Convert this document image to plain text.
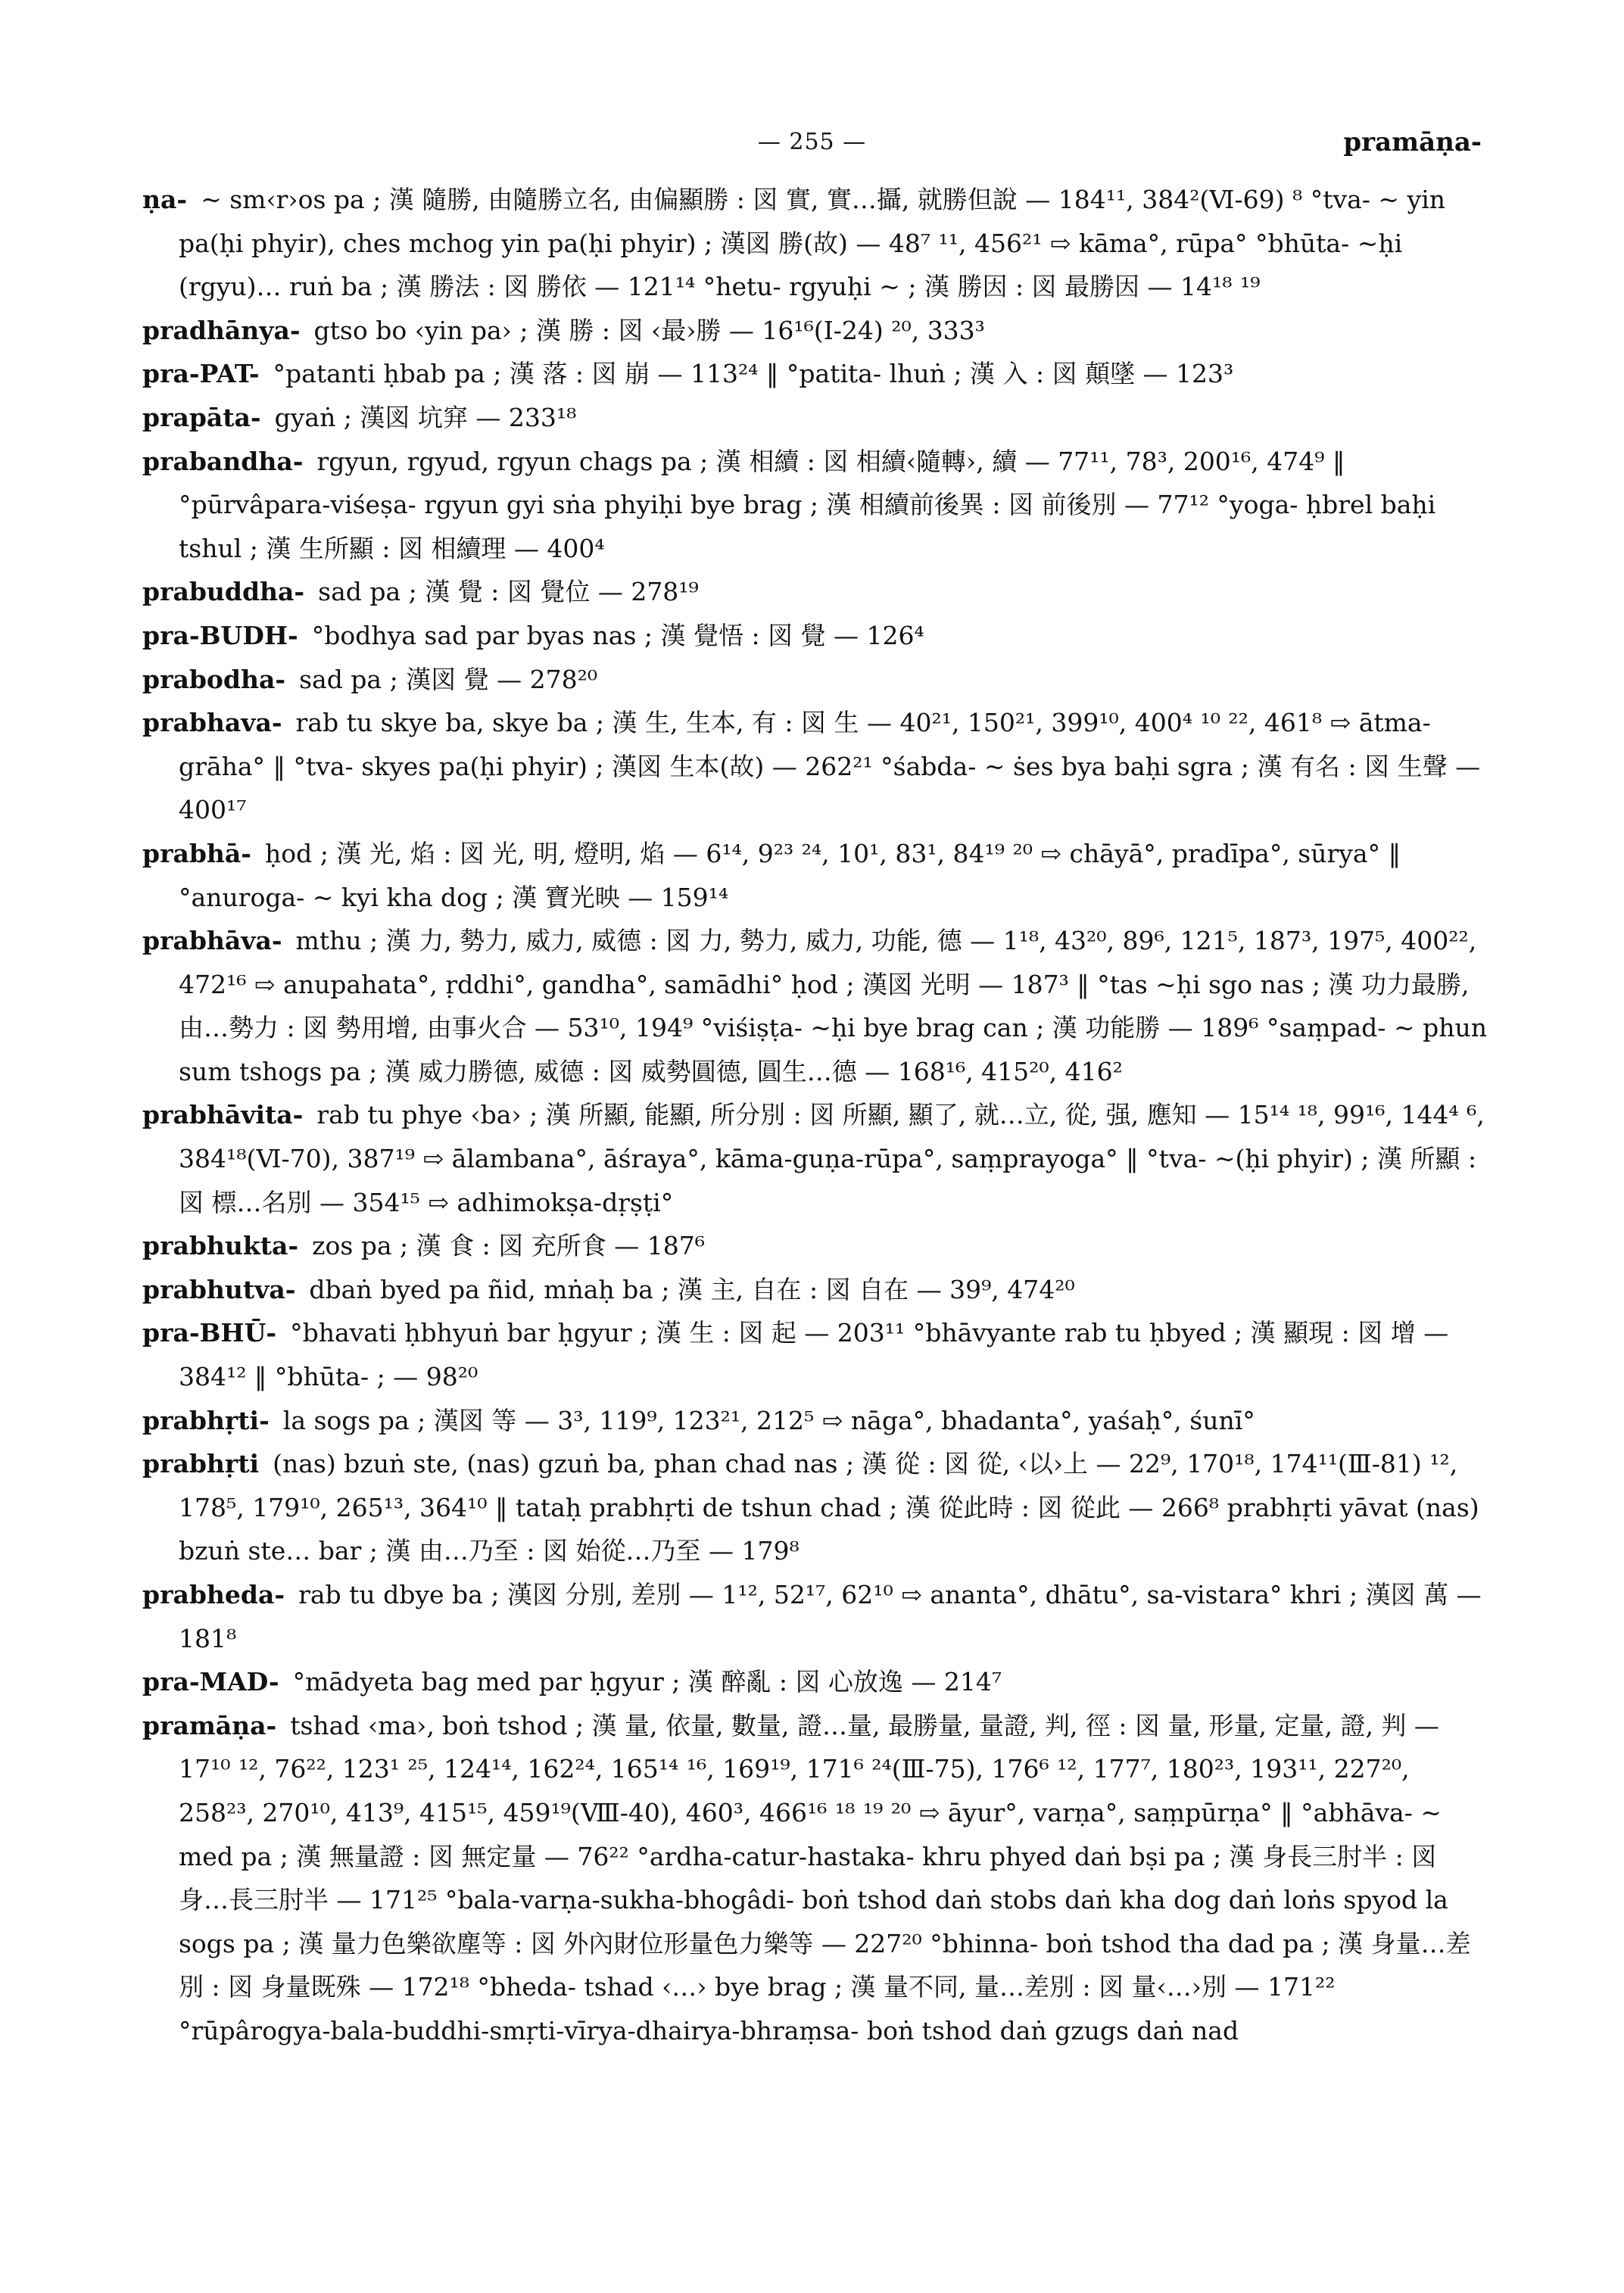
— 255 —	pramāṇa-
ṇa- ~ sm‹r›os pa ; 漢 隨勝, 由隨勝立名, 由偏顯勝 : 図 實, 實…攝, 就勝但說 — 184¹¹, 384²(Ⅵ-69) ⁸ °tva- ~ yin pa(ḥi phyir), ches mchog yin pa(ḥi phyir) ; 漢図 勝(故) — 48⁷ ¹¹, 456²¹ ⇨ kāma°, rūpa° °bhūta- ~ḥi (rgyu)… ruṅ ba ; 漢 勝法 : 図 勝依 — 121¹⁴ °hetu- rgyuḥi ~ ; 漢 勝因 : 図 最勝因 — 14¹⁸ ¹⁹
pradhānya- gtso bo ‹yin pa› ; 漢 勝 : 図 ‹最›勝 — 16¹⁶(Ⅰ-24) ²⁰, 333³
pra-PAT- °patanti ḥbab pa ; 漢 落 : 図 崩 — 113²⁴ ‖ °patita- lhuṅ ; 漢 入 : 図 顛墜 — 123³
prapāta- gyaṅ ; 漢図 坑穽 — 233¹⁸
prabandha- rgyun, rgyud, rgyun chags pa ; 漢 相續 : 図 相續‹隨轉›, 續 — 77¹¹, 78³, 200¹⁶, 474⁹ ‖ °pūrvâpara-viśeṣa- rgyun gyi sṅa phyiḥi bye brag ; 漢 相續前後異 : 図 前後別 — 77¹² °yoga- ḥbrel baḥi tshul ; 漢 生所顯 : 図 相續理 — 400⁴
prabuddha- sad pa ; 漢 覺 : 図 覺位 — 278¹⁹
pra-BUDH- °bodhya sad par byas nas ; 漢 覺悟 : 図 覺 — 126⁴
prabodha- sad pa ; 漢図 覺 — 278²⁰
prabhava- rab tu skye ba, skye ba ; 漢 生, 生本, 有 : 図 生 — 40²¹, 150²¹, 399¹⁰, 400⁴ ¹⁰ ²², 461⁸ ⇨ ātma-grāha° ‖ °tva- skyes pa(ḥi phyir) ; 漢図 生本(故) — 262²¹ °śabda- ~ ṡes bya baḥi sgra ; 漢 有名 : 図 生聲 — 400¹⁷
prabhā- ḥod ; 漢 光, 焰 : 図 光, 明, 燈明, 焰 — 6¹⁴, 9²³ ²⁴, 10¹, 83¹, 84¹⁹ ²⁰ ⇨ chāyā°, pradīpa°, sūrya° ‖ °anuroga- ~ kyi kha dog ; 漢 寶光映 — 159¹⁴
prabhāva- mthu ; 漢 力, 勢力, 威力, 威德 : 図 力, 勢力, 威力, 功能, 德 — 1¹⁸, 43²⁰, 89⁶, 121⁵, 187³, 197⁵, 400²², 472¹⁶ ⇨ anupahata°, ṛddhi°, gandha°, samādhi° ḥod ; 漢図 光明 — 187³ ‖ °tas ~ḥi sgo nas ; 漢 功力最勝, 由…勢力 : 図 勢用增, 由事火合 — 53¹⁰, 194⁹ °viśiṣṭa- ~ḥi bye brag can ; 漢 功能勝 — 189⁶ °saṃpad- ~ phun sum tshogs pa ; 漢 威力勝德, 威德 : 図 威勢圓德, 圓生…德 — 168¹⁶, 415²⁰, 416²
prabhāvita- rab tu phye ‹ba› ; 漢 所顯, 能顯, 所分別 : 図 所顯, 顯了, 就…立, 從, 强, 應知 — 15¹⁴ ¹⁸, 99¹⁶, 144⁴ ⁶, 384¹⁸(Ⅵ-70), 387¹⁹ ⇨ ālambana°, āśraya°, kāma-guṇa-rūpa°, saṃprayoga° ‖ °tva- ~(ḥi phyir) ; 漢 所顯 : 図 標…名別 — 354¹⁵ ⇨ adhimokṣa-dṛṣṭi°
prabhukta- zos pa ; 漢 食 : 図 充所食 — 187⁶
prabhutva- dbaṅ byed pa ñid, mṅaḥ ba ; 漢 主, 自在 : 図 自在 — 39⁹, 474²⁰
pra-BHŪ- °bhavati ḥbhyuṅ bar ḥgyur ; 漢 生 : 図 起 — 203¹¹ °bhāvyante rab tu ḥbyed ; 漢 顯現 : 図 增 — 384¹² ‖ °bhūta- ; — 98²⁰
prabhṛti- la sogs pa ; 漢図 等 — 3³, 119⁹, 123²¹, 212⁵ ⇨ nāga°, bhadanta°, yaśaḥ°, śunī°
prabhṛti (nas) bzuṅ ste, (nas) gzuṅ ba, phan chad nas ; 漢 從 : 図 從, ‹以›上 — 22⁹, 170¹⁸, 174¹¹(Ⅲ-81) ¹², 178⁵, 179¹⁰, 265¹³, 364¹⁰ ‖ tataḥ prabhṛti de tshun chad ; 漢 從此時 : 図 從此 — 266⁸ prabhṛti yāvat (nas) bzuṅ ste… bar ; 漢 由…乃至 : 図 始從…乃至 — 179⁸
prabheda- rab tu dbye ba ; 漢図 分別, 差別 — 1¹², 52¹⁷, 62¹⁰ ⇨ ananta°, dhātu°, sa-vistara° khri ; 漢図 萬 — 181⁸
pra-MAD- °mādyeta bag med par ḥgyur ; 漢 醉亂 : 図 心放逸 — 214⁷
pramāṇa- tshad ‹ma›, boṅ tshod ; 漢 量, 依量, 數量, 證…量, 最勝量, 量證, 判, 徑 : 図 量, 形量, 定量, 證, 判 — 17¹⁰ ¹², 76²², 123¹ ²⁵, 124¹⁴, 162²⁴, 165¹⁴ ¹⁶, 169¹⁹, 171⁶ ²⁴(Ⅲ-75), 176⁶ ¹², 177⁷, 180²³, 193¹¹, 227²⁰, 258²³, 270¹⁰, 413⁹, 415¹⁵, 459¹⁹(Ⅷ-40), 460³, 466¹⁶ ¹⁸ ¹⁹ ²⁰ ⇨ āyur°, varṇa°, saṃpūrṇa° ‖ °abhāva- ~ med pa ; 漢 無量證 : 図 無定量 — 76²² °ardha-catur-hastaka- khru phyed daṅ bṣi pa ; 漢 身長三肘半 : 図 身…長三肘半 — 171²⁵ °bala-varṇa-sukha-bhogâdi- boṅ tshod daṅ stobs daṅ kha dog daṅ loṅs spyod la sogs pa ; 漢 量力色樂欲塵等 : 図 外內財位形量色力樂等 — 227²⁰ °bhinna- boṅ tshod tha dad pa ; 漢 身量…差別 : 図 身量既殊 — 172¹⁸ °bheda- tshad ‹…› bye brag ; 漢 量不同, 量…差別 : 図 量‹…›別 — 171²² °rūpârogya-bala-buddhi-smṛti-vīrya-dhairya-bhraṃsa- boṅ tshod daṅ gzugs daṅ nad
